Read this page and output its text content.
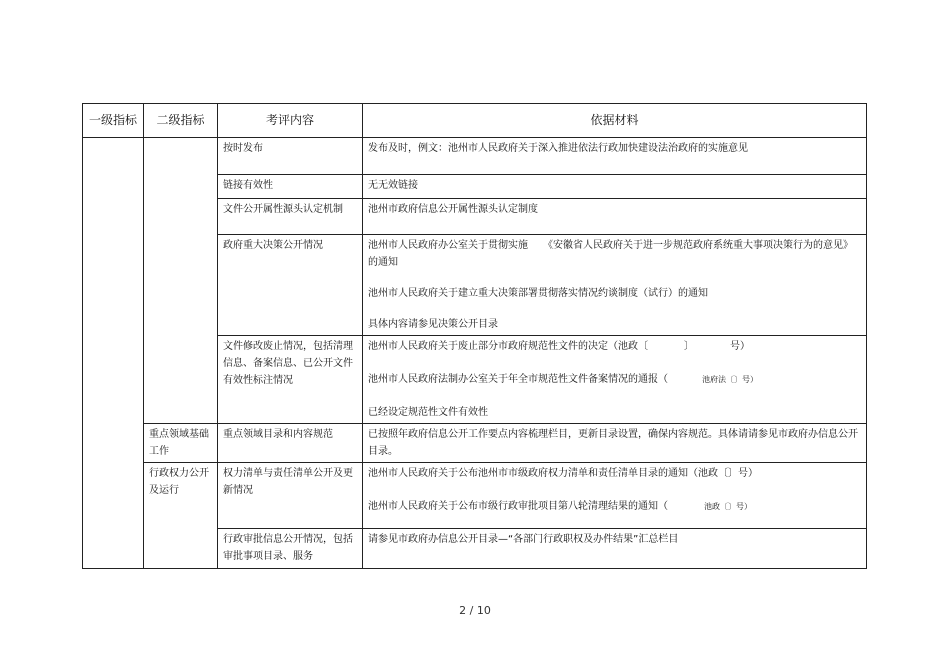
一级指标	二级指标	考评内容	依据材料
		按时发布	发布及时，例文：池州市人民政府关于深入推进依法行政加快建设法治政府的实施意见
		链接有效性	无无效链接
		文件公开属性源头认定机制	池州市政府信息公开属性源头认定制度
		政府重大决策公开情况	池州市人民政府办公室关于贯彻实施　　《安徽省人民政府关于进一步规范政府系统重大事项决策行为的意见》的通知
池州市人民政府关于建立重大决策部署贯彻落实情况约谈制度（试行）的通知
具体内容请参见决策公开目录

		文件修改废止情况，包括清理信息、备案信息、已公开文件有效性标注情况	池州市人民政府关于废止部分市政府规范性文件的决定（池政〔 〕 号）
池州市人民政府法制办公室关于年全市规范性文件备案情况的通报（ 池府法〔〕号）
已经设定规范性文件有效性

	重点领域基础工作	重点领域目录和内容规范	已按照年政府信息公开工作要点内容梳理栏目，更新目录设置，确保内容规范。具体请请参见市政府办信息公开目录。
	行政权力公开及运行	权力清单与责任清单公开及更新情况	池州市人民政府关于公布池州市市级政府权力清单和责任清单目录的通知（池政〔〕号）
池州市人民政府关于公布市级行政审批项目第八轮清理结果的通知（ 池政〔〕号）

		行政审批信息公开情况，包括审批事项目录、服务	请参见市政府办信息公开目录—“各部门行政职权及办件结果”汇总栏目
2 / 10
